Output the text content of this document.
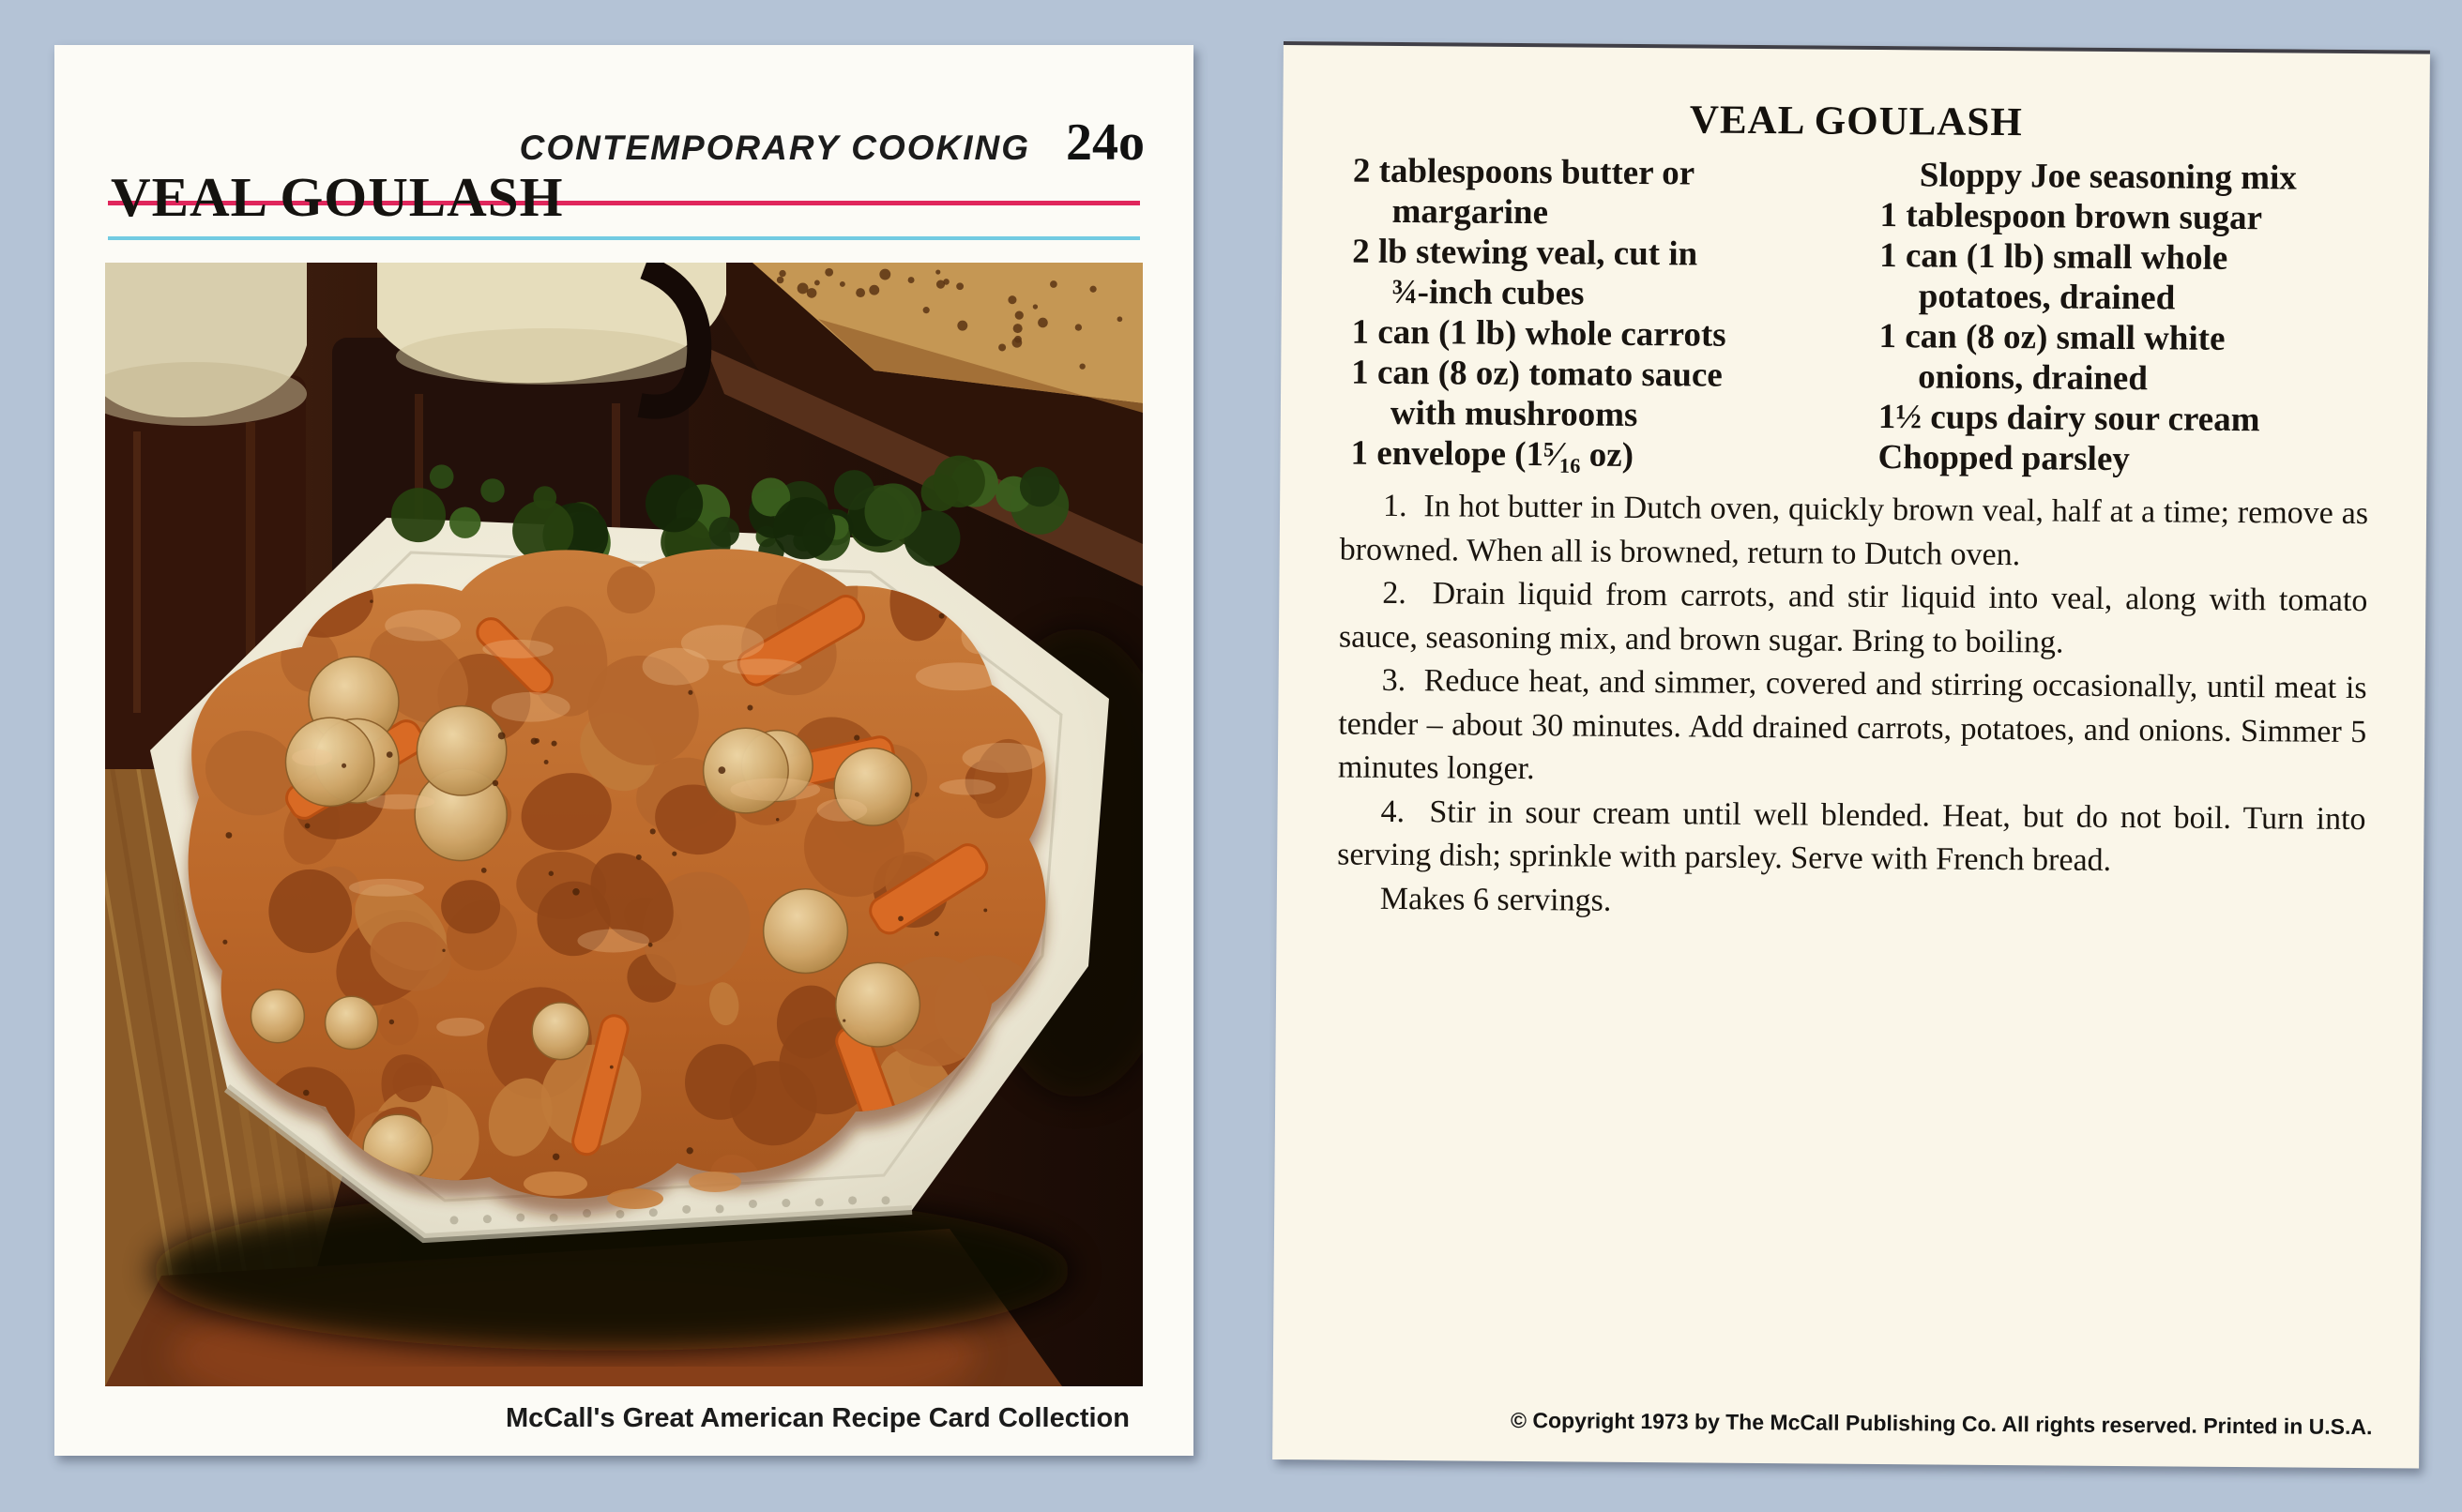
CONTEMPORARY COOKING 24o
VEAL GOULASH
McCall's Great American Recipe Card Collection
VEAL GOULASH
2 tablespoons butter or
margarine
2 lb stewing veal, cut in
¾-inch cubes
1 can (1 lb) whole carrots
1 can (8 oz) tomato sauce
with mushrooms
1 envelope (1⁵⁄₁₆ oz)
Sloppy Joe seasoning mix
1 tablespoon brown sugar
1 can (1 lb) small whole
potatoes, drained
1 can (8 oz) small white
onions, drained
1½ cups dairy sour cream
Chopped parsley

1.  In hot butter in Dutch oven, quickly brown veal, half at a time; remove as browned. When all is browned, return to Dutch oven.

2.  Drain liquid from carrots, and stir liquid into veal, along with tomato sauce, seasoning mix, and brown sugar. Bring to boiling.

3.  Reduce heat, and simmer, covered and stirring occasionally, until meat is tender – about 30 minutes. Add drained carrots, potatoes, and onions. Simmer 5 minutes longer.

4.  Stir in sour cream until well blended. Heat, but do not boil. Turn into serving dish; sprinkle with parsley. Serve with French bread.

Makes 6 servings.

© Copyright 1973 by The McCall Publishing Co. All rights reserved. Printed in U.S.A.
